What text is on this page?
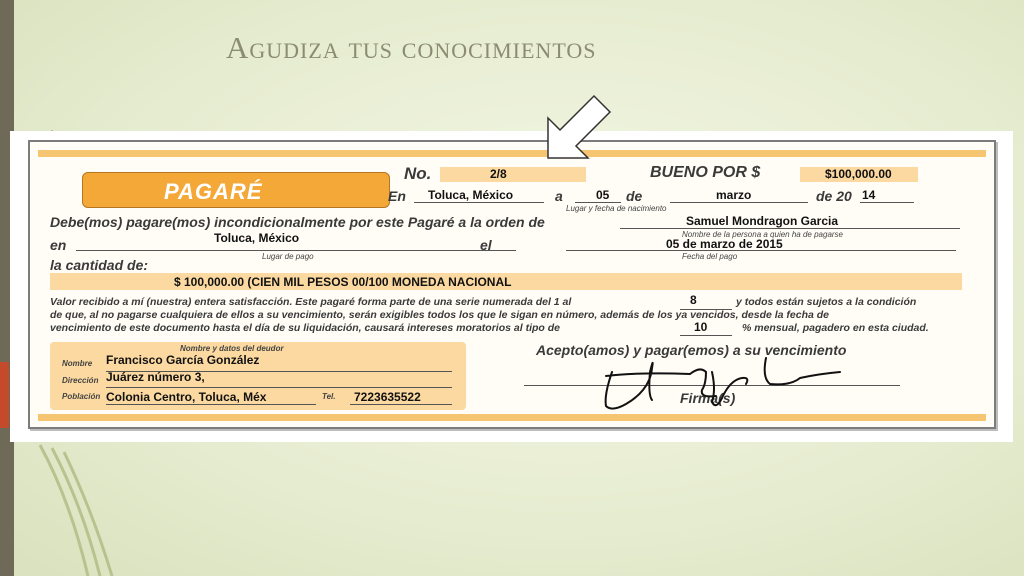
Agudiza tus conocimientos
PAGARÉ
No.	2/8	BUENO POR $	$100,000.00
En Toluca, México	a	05 de	marzo	de 20 14
Lugar y fecha de nacimiento
Debe(mos) pagare(mos) incondicionalmente por este Pagaré a la orden de	Samuel Mondragon Garcia
Nombre de la persona a quien ha de pagarse
en	Toluca, México
Lugar de pago
el	05 de marzo de 2015
Fecha del pago
la cantidad de:
$ 100,000.00 (CIEN MIL PESOS 00/100 MONEDA NACIONAL
Valor recibido a mí (nuestra) entera satisfacción. Este pagaré forma parte de una serie numerada del 1 al	8	y todos están sujetos a la condición
de que, al no pagarse cualquiera de ellos a su vencimiento, serán exigibles todos los que le sigan en número, además de los ya vencidos, desde la fecha de
vencimiento de este documento hasta el día de su liquidación, causará intereses moratorios al tipo de	10	% mensual, pagadero en esta ciudad.
Nombre y datos del deudor
Nombre Francisco García González
Dirección Juárez número 3,
Población Colonia Centro, Toluca, Méx	Tel. 7223635522
Acepto(amos) y pagar(emos) a su vencimiento
Firma(s)
